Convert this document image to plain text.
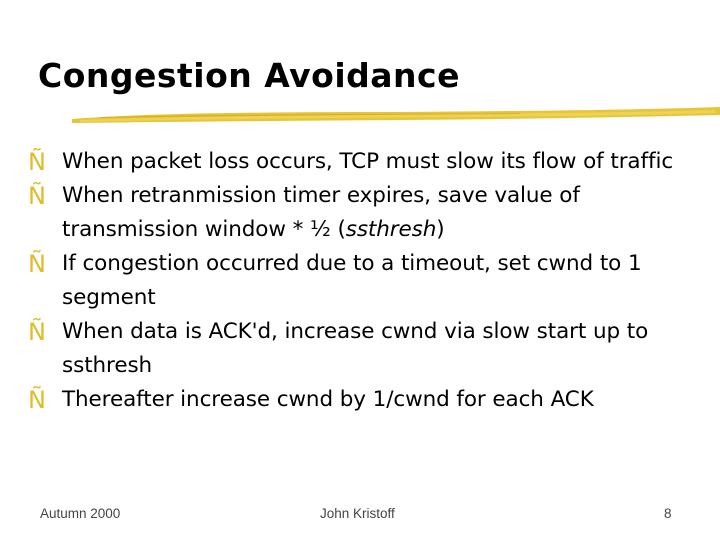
Congestion Avoidance
Ñ When packet loss occurs, TCP must slow its flow of traffic
Ñ When retranmission timer expires, save value of transmission window * ½ (ssthresh)
Ñ If congestion occurred due to a timeout, set cwnd to 1 segment
Ñ When data is ACK'd, increase cwnd via slow start up to ssthresh
Ñ Thereafter increase cwnd by 1/cwnd for each ACK
Autumn 2000	John Kristoff	8
